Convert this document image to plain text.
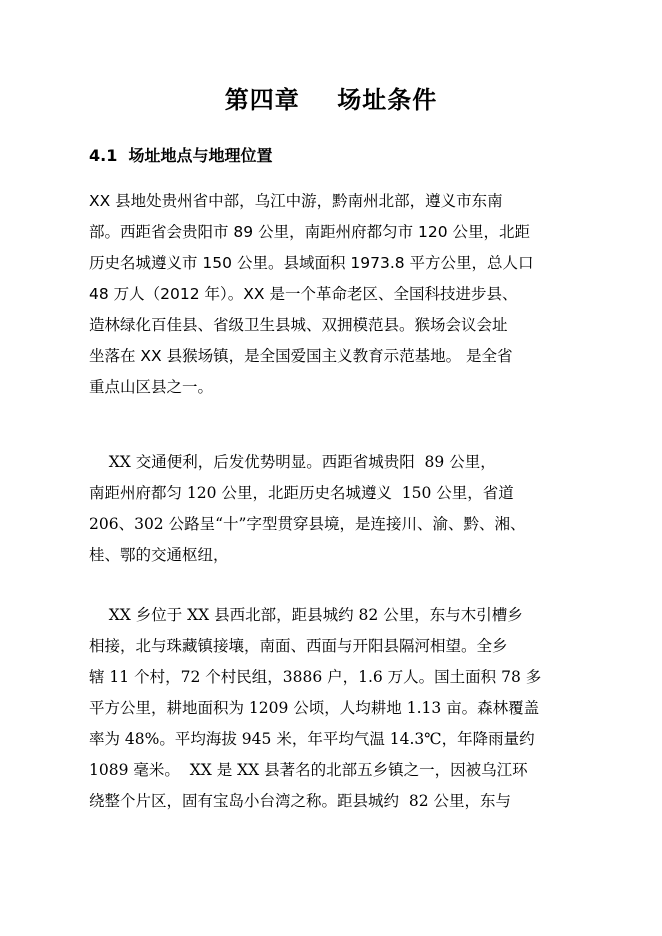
第四章    场址条件
4.1  场址地点与地理位置
XX 县地处贵州省中部，乌江中游，黔南州北部，遵义市东南
部。西距省会贵阳市 89 公里，南距州府都匀市 120 公里，北距
历史名城遵义市 150 公里。县域面积 1973.8 平方公里，总人口
48 万人（2012 年）。XX 是一个革命老区、全国科技进步县、
造林绿化百佳县、省级卫生县城、双拥模范县。猴场会议会址
坐落在 XX 县猴场镇，是全国爱国主义教育示范基地。 是全省
重点山区县之一。
XX 交通便利，后发优势明显。西距省城贵阳  89 公里，
南距州府都匀 120 公里，北距历史名城遵义  150 公里，省道
206、302 公路呈“十”字型贯穿县境，是连接川、渝、黔、湘、
桂、鄂的交通枢纽，
XX 乡位于 XX 县西北部，距县城约 82 公里，东与木引槽乡
相接，北与珠藏镇接壤，南面、西面与开阳县隔河相望。全乡
辖 11 个村，72 个村民组，3886 户，1.6 万人。国土面积 78 多
平方公里，耕地面积为 1209 公顷，人均耕地 1.13 亩。森林覆盖
率为 48%。平均海拔 945 米，年平均气温 14.3℃，年降雨量约
1089 毫米。  XX 是 XX 县著名的北部五乡镇之一，因被乌江环
绕整个片区，固有宝岛小台湾之称。距县城约  82 公里，东与
